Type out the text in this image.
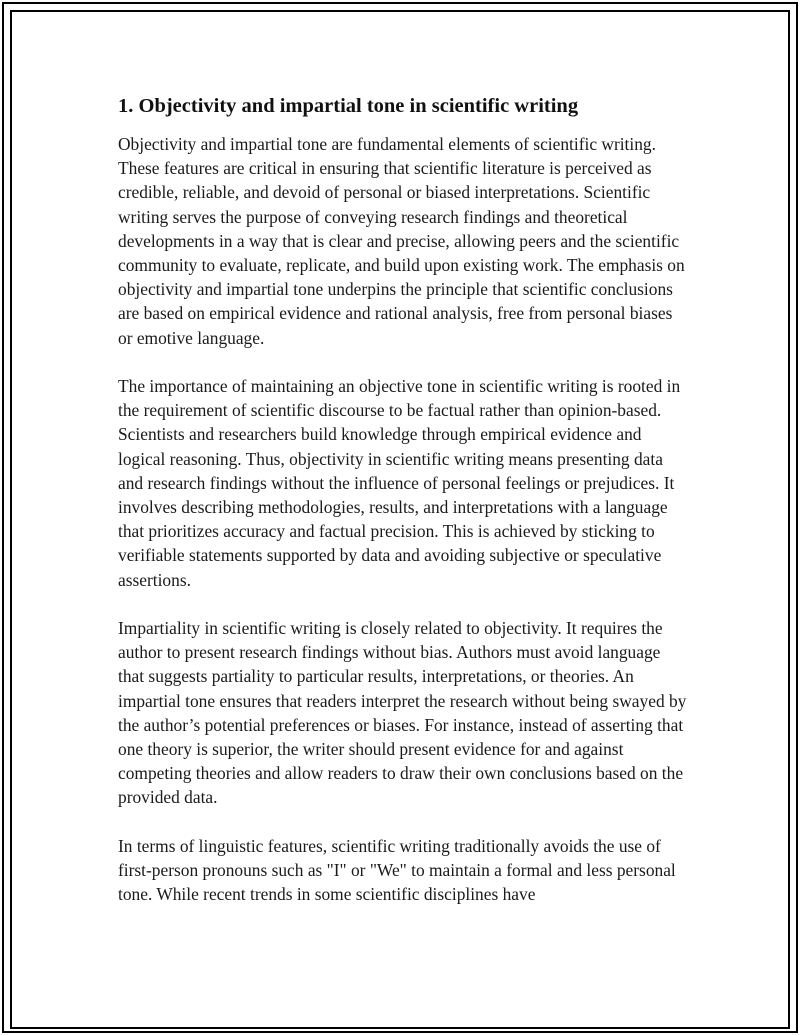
1. Objectivity and impartial tone in scientific writing

Objectivity and impartial tone are fundamental elements of scientific writing. These features are critical in ensuring that scientific literature is perceived as credible, reliable, and devoid of personal or biased interpretations. Scientific writing serves the purpose of conveying research findings and theoretical developments in a way that is clear and precise, allowing peers and the scientific community to evaluate, replicate, and build upon existing work. The emphasis on objectivity and impartial tone underpins the principle that scientific conclusions are based on empirical evidence and rational analysis, free from personal biases or emotive language.

The importance of maintaining an objective tone in scientific writing is rooted in the requirement of scientific discourse to be factual rather than opinion-based. Scientists and researchers build knowledge through empirical evidence and logical reasoning. Thus, objectivity in scientific writing means presenting data and research findings without the influence of personal feelings or prejudices. It involves describing methodologies, results, and interpretations with a language that prioritizes accuracy and factual precision. This is achieved by sticking to verifiable statements supported by data and avoiding subjective or speculative assertions.

Impartiality in scientific writing is closely related to objectivity. It requires the author to present research findings without bias. Authors must avoid language that suggests partiality to particular results, interpretations, or theories. An impartial tone ensures that readers interpret the research without being swayed by the author’s potential preferences or biases. For instance, instead of asserting that one theory is superior, the writer should present evidence for and against competing theories and allow readers to draw their own conclusions based on the provided data.

In terms of linguistic features, scientific writing traditionally avoids the use of first-person pronouns such as "I" or "We" to maintain a formal and less personal tone. While recent trends in some scientific disciplines have
